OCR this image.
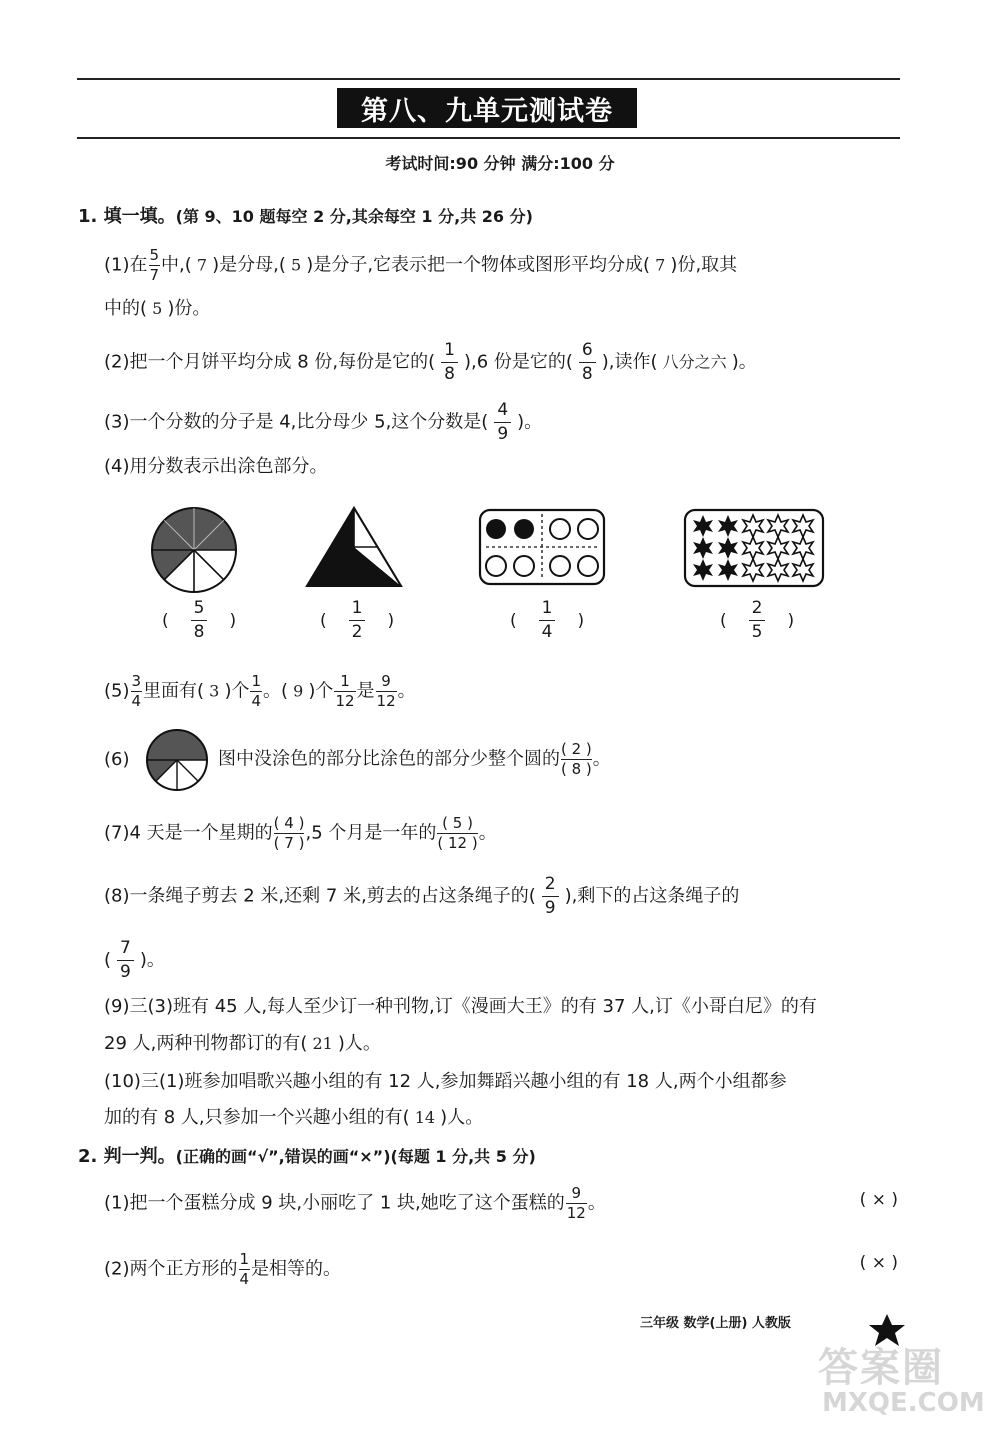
第八、九单元测试卷
考试时间:90 分钟 满分:100 分
1. 填一填。(第 9、10 题每空 2 分,其余每空 1 分,共 26 分)
(1)在 $\frac{5}{7}$ 中,( 7 )是分母,( 5 )是分子,它表示把一个物体或图形平均分成( 7 )份,取其
中的( 5 )份。
(2)把一个月饼平均分成 8 份,每份是它的( $\frac{1}{8} ),6$ 份是它的( $\frac{6}{8}$ ),读作( 八分之六 )。
(3)一个分数的分子是 4,比分母少 5,这个分数是( $\frac{4}{9}$ )。
(4)用分数表示出涂色部分。
(	$\frac{5}{8}$	)	(	$\frac{1}{2}$	)	(	$\frac{1}{4}$	)	(	$\frac{2}{5}$	)
$(5) \frac{3}{4}$ 里面有( 3 )个 $\frac{1}{4}$ 。( 9 )个 $\frac{1}{12}$ 是 $\frac{9}{12}$ 。
(6)	图中没涂色的部分比涂色的部分少整个圆的 $\frac{( 2 )}{( 8 )}$ 。
(7)4 天是一个星期的 $\frac{( 4 )}{( 7 )} ,5$ 个月是一年的 $\frac{( 5 )}{( 12 )}$ 。
(8)一条绳子剪去 2 米,还剩 7 米,剪去的占这条绳子的( $\frac{2}{9}$ ),剩下的占这条绳子的
( $\frac{7}{9}$ )。
(9)三(3)班有 45 人,每人至少订一种刊物,订《漫画大王》的有 37 人,订《小哥白尼》的有
29 人,两种刊物都订的有( 21 )人。
(10)三(1)班参加唱歌兴趣小组的有 12 人,参加舞蹈兴趣小组的有 18 人,两个小组都参
加的有 8 人,只参加一个兴趣小组的有( 14 )人。
2. 判一判。(正确的画“√”,错误的画“×”)(每题 1 分,共 5 分)
(1)把一个蛋糕分成 9 块,小丽吃了 1 块,她吃了这个蛋糕的 $\frac{9}{12}$ 。	( × )
(2)两个正方形的 $\frac{1}{4}$ 是相等的。	( × )
三年级 数学(上册) 人教版
答案圈
MXQE.COM
